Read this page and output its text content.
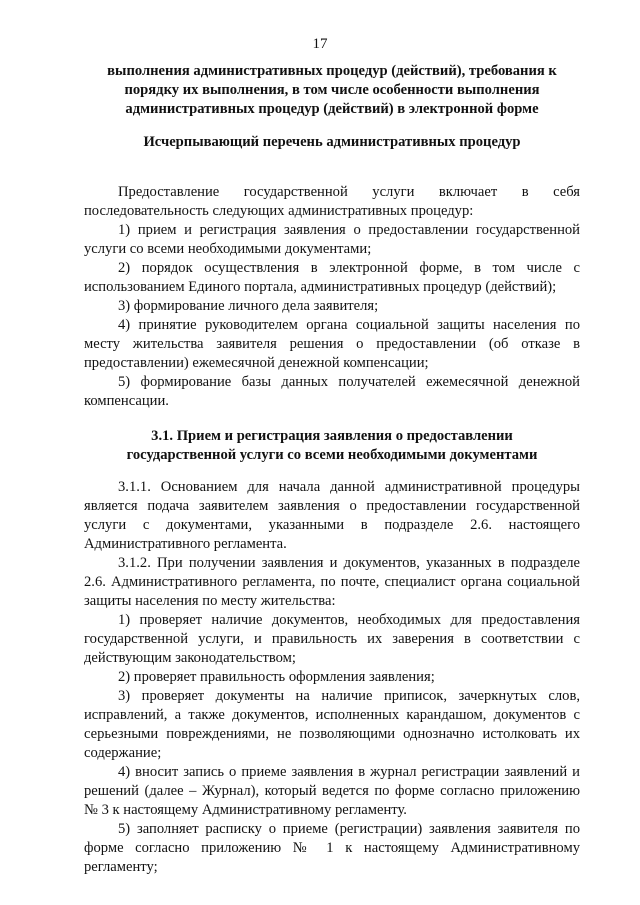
17
выполнения административных процедур (действий), требования к
порядку их выполнения, в том числе особенности выполнения
административных процедур (действий) в электронной форме
Исчерпывающий перечень административных процедур

Предоставление государственной услуги включает в себя последовательность следующих административных процедур:

1) прием и регистрация заявления о предоставлении государственной услуги со всеми необходимыми документами;

2) порядок осуществления в электронной форме, в том числе с использованием Единого портала, административных процедур (действий);

3) формирование личного дела заявителя;

4) принятие руководителем органа социальной защиты населения по месту жительства заявителя решения о предоставлении (об отказе в предоставлении) ежемесячной денежной компенсации;

5) формирование базы данных получателей ежемесячной денежной компенсации.

3.1. Прием и регистрация заявления о предоставлении
государственной услуги со всеми необходимыми документами

3.1.1. Основанием для начала данной административной процедуры является подача заявителем заявления о предоставлении государственной услуги с документами, указанными в подразделе 2.6. настоящего Административного регламента.

3.1.2. При получении заявления и документов, указанных в подразделе 2.6. Административного регламента, по почте, специалист органа социальной защиты населения по месту жительства:

1) проверяет наличие документов, необходимых для предоставления государственной услуги, и правильность их заверения в соответствии с действующим законодательством;

2) проверяет правильность оформления заявления;

3) проверяет документы на наличие приписок, зачеркнутых слов, исправлений, а также документов, исполненных карандашом, документов с серьезными повреждениями, не позволяющими однозначно истолковать их содержание;

4) вносит запись о приеме заявления в журнал регистрации заявлений и решений (далее – Журнал), который ведется по форме согласно приложению № 3 к настоящему Административному регламенту.

5) заполняет расписку о приеме (регистрации) заявления заявителя по форме согласно приложению № 1 к настоящему Административному регламенту;
